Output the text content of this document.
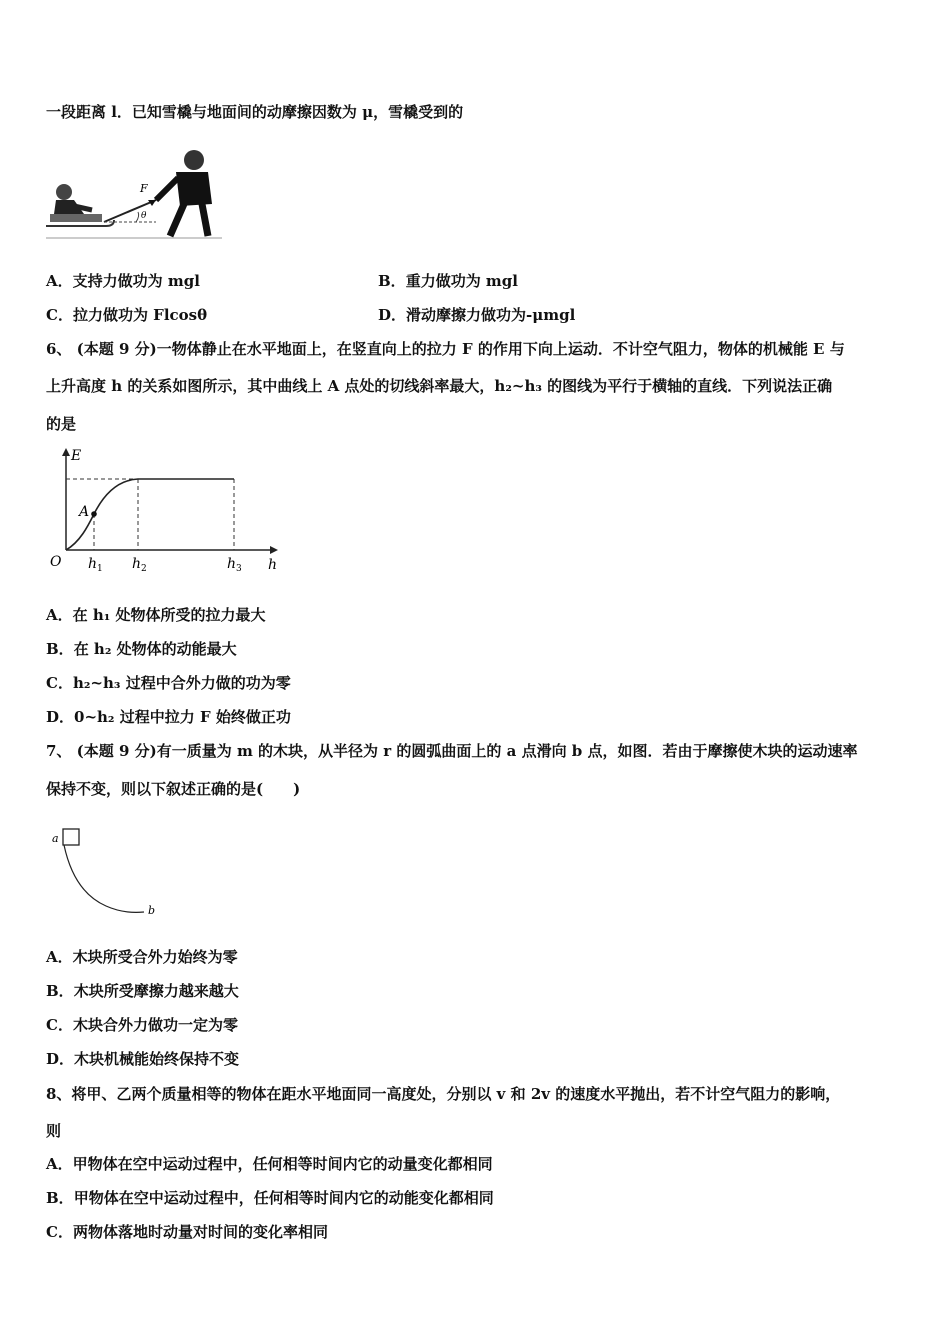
一段距离 l．已知雪橇与地面间的动摩擦因数为 μ，雪橇受到的
F
θ
A．支持力做功为 mgl	B．重力做功为 mgl
C．拉力做功为 Flcosθ	D．滑动摩擦力做功为-μmgl
6、 (本题 9 分)一物体静止在水平地面上，在竖直向上的拉力 F 的作用下向上运动．不计空气阻力，物体的机械能 E 与
上升高度 h 的关系如图所示，其中曲线上 A 点处的切线斜率最大，h₂~h₃ 的图线为平行于横轴的直线．下列说法正确
的是
E
h
O
A
$h_1$ $h_2$	$h_3$
A．在 h₁ 处物体所受的拉力最大
B．在 h₂ 处物体的动能最大
C．h₂~h₃ 过程中合外力做的功为零
D．0~h₂ 过程中拉力 F 始终做正功
7、 (本题 9 分)有一质量为 m 的木块，从半径为 r 的圆弧曲面上的 a 点滑向 b 点，如图．若由于摩擦使木块的运动速率
保持不变，则以下叙述正确的是(　　)
a
b
A．木块所受合外力始终为零
B．木块所受摩擦力越来越大
C．木块合外力做功一定为零
D．木块机械能始终保持不变
8、将甲、乙两个质量相等的物体在距水平地面同一高度处，分别以 v 和 2v 的速度水平抛出，若不计空气阻力的影响，
则
A．甲物体在空中运动过程中，任何相等时间内它的动量变化都相同
B．甲物体在空中运动过程中，任何相等时间内它的动能变化都相同
C．两物体落地时动量对时间的变化率相同
